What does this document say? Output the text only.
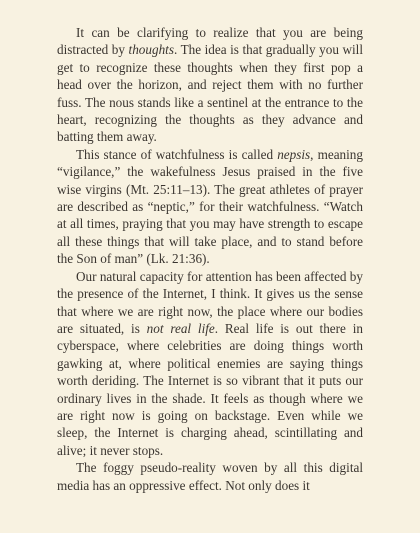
It can be clarifying to realize that you are being distracted by thoughts. The idea is that gradually you will get to recognize these thoughts when they first pop a head over the horizon, and reject them with no further fuss. The nous stands like a sentinel at the entrance to the heart, recognizing the thoughts as they advance and batting them away.

This stance of watchfulness is called nepsis, meaning “vigilance,” the wakefulness Jesus praised in the five wise virgins (Mt. 25:11–13). The great athletes of prayer are described as “neptic,” for their watchfulness. “Watch at all times, praying that you may have strength to escape all these things that will take place, and to stand before the Son of man” (Lk. 21:36).

Our natural capacity for attention has been affected by the presence of the Internet, I think. It gives us the sense that where we are right now, the place where our bodies are situated, is not real life. Real life is out there in cyberspace, where celebrities are doing things worth gawking at, where political enemies are saying things worth deriding. The Internet is so vibrant that it puts our ordinary lives in the shade. It feels as though where we are right now is going on backstage. Even while we sleep, the Internet is charging ahead, scintillating and alive; it never stops.

The foggy pseudo-reality woven by all this digital media has an oppressive effect. Not only does it
